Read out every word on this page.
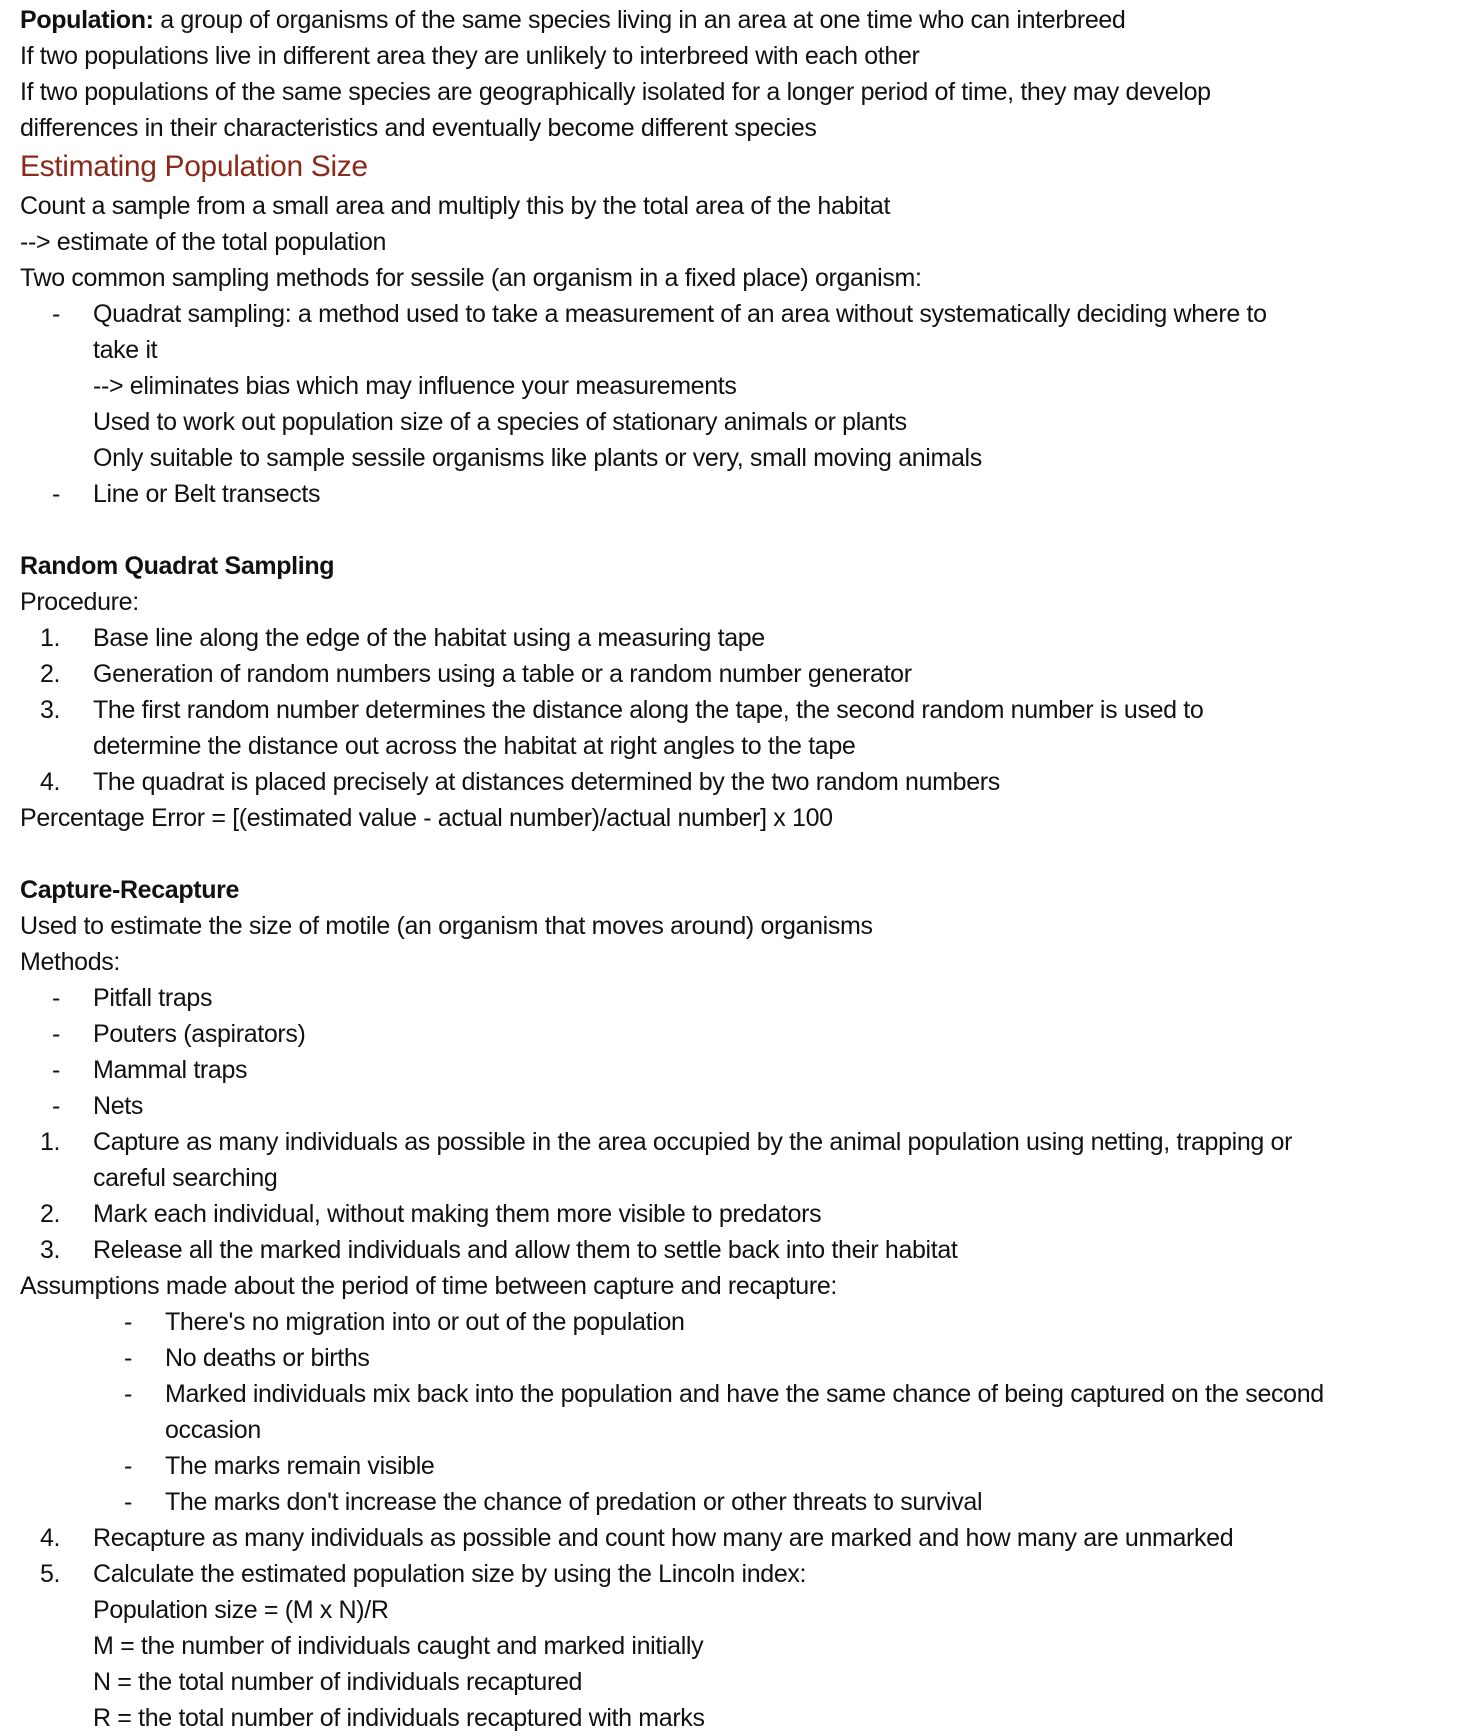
Population: a group of organisms of the same species living in an area at one time who can interbreed
If two populations live in different area they are unlikely to interbreed with each other
If two populations of the same species are geographically isolated for a longer period of time, they may develop
differences in their characteristics and eventually become different species
Estimating Population Size
Count a sample from a small area and multiply this by the total area of the habitat
--> estimate of the total population
Two common sampling methods for sessile (an organism in a fixed place) organism:
- Quadrat sampling: a method used to take a measurement of an area without systematically deciding where to
take it
--> eliminates bias which may influence your measurements
Used to work out population size of a species of stationary animals or plants
Only suitable to sample sessile organisms like plants or very, small moving animals
- Line or Belt transects
Random Quadrat Sampling
Procedure:
1. Base line along the edge of the habitat using a measuring tape
2. Generation of random numbers using a table or a random number generator
3. The first random number determines the distance along the tape, the second random number is used to
determine the distance out across the habitat at right angles to the tape
4. The quadrat is placed precisely at distances determined by the two random numbers
Percentage Error = [(estimated value - actual number)/actual number] x 100
Capture-Recapture
Used to estimate the size of motile (an organism that moves around) organisms
Methods:
- Pitfall traps
- Pouters (aspirators)
- Mammal traps
- Nets
1. Capture as many individuals as possible in the area occupied by the animal population using netting, trapping or
careful searching
2. Mark each individual, without making them more visible to predators
3. Release all the marked individuals and allow them to settle back into their habitat
Assumptions made about the period of time between capture and recapture:
- There's no migration into or out of the population
- No deaths or births
- Marked individuals mix back into the population and have the same chance of being captured on the second
occasion
- The marks remain visible
- The marks don't increase the chance of predation or other threats to survival
4. Recapture as many individuals as possible and count how many are marked and how many are unmarked
5. Calculate the estimated population size by using the Lincoln index:
Population size = (M x N)/R
M = the number of individuals caught and marked initially
N = the total number of individuals recaptured
R = the total number of individuals recaptured with marks
